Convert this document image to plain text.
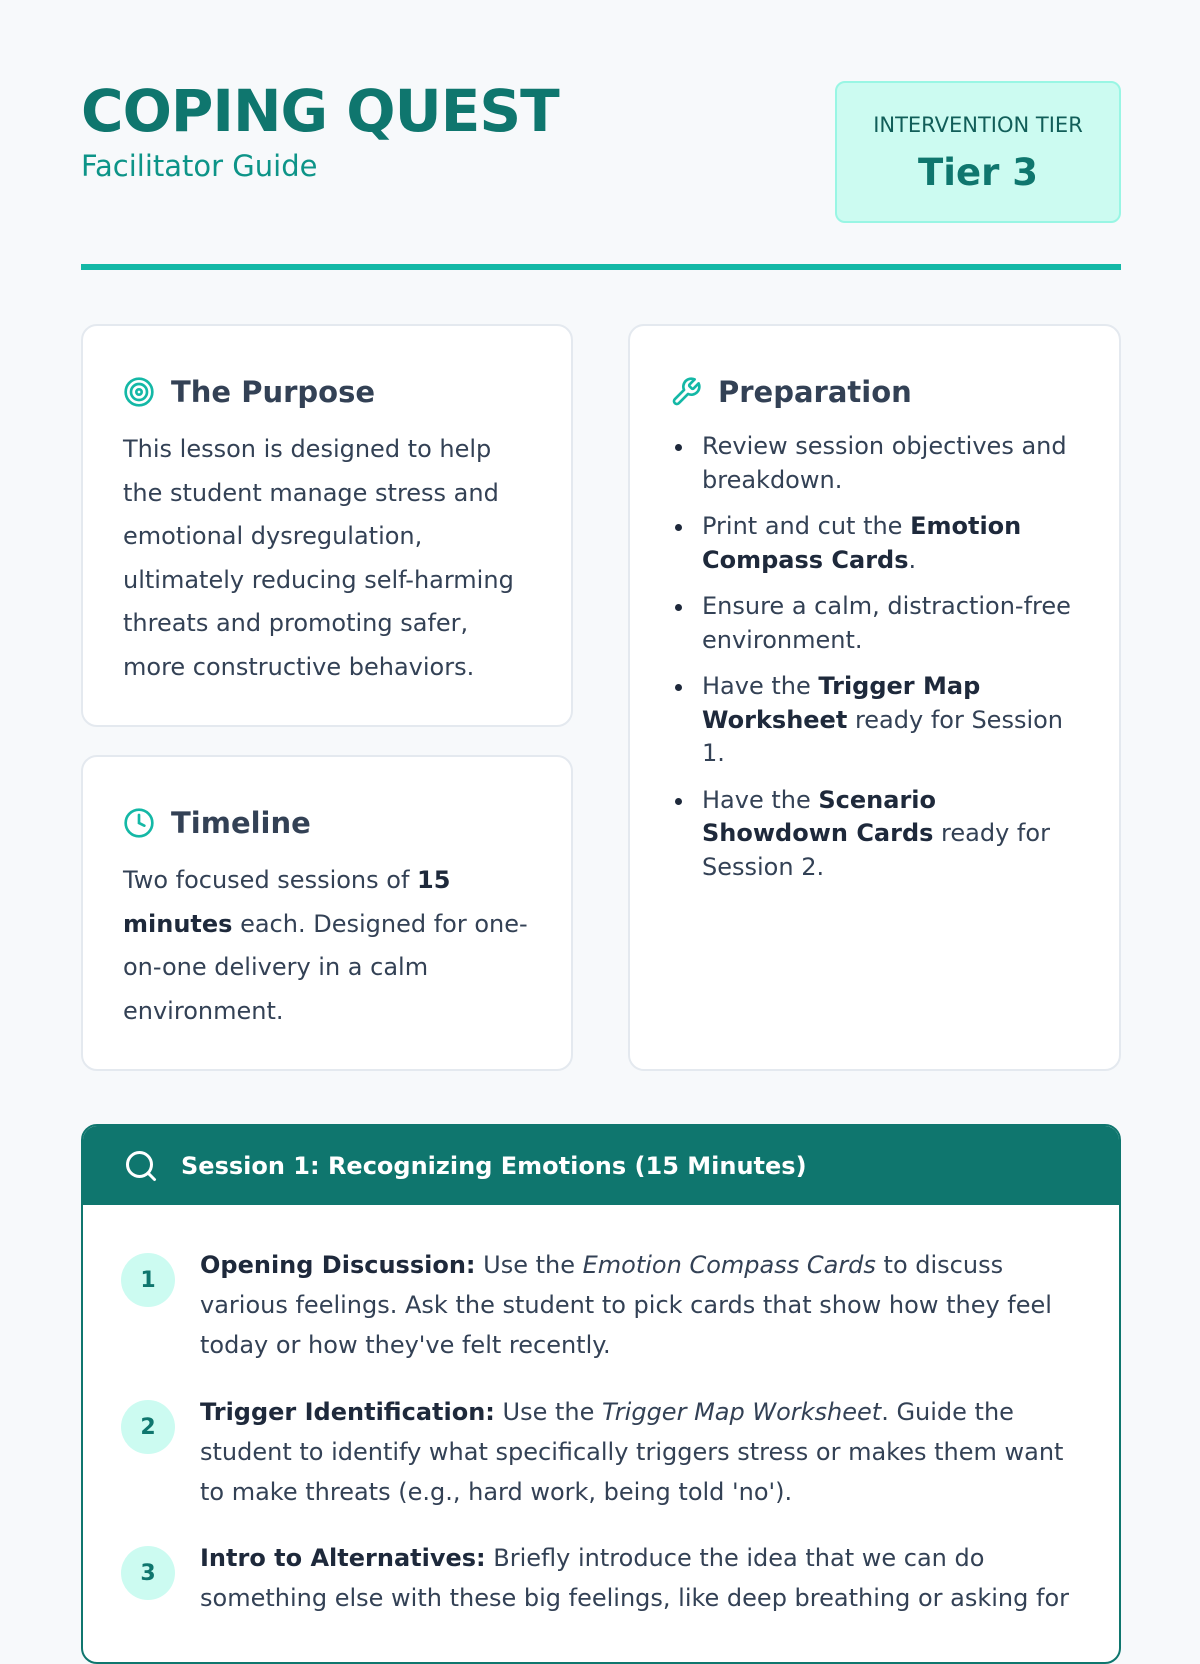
COPING QUEST

Facilitator Guide

INTERVENTION TIER
Tier 3
The Purpose

This lesson is designed to help the student manage stress and emotional dysregulation, ultimately reducing self-harming threats and promoting safer, more constructive behaviors.

Timeline

Two focused sessions of 15 minutes each. Designed for one-on-one delivery in a calm environment.

Preparation
Review session objectives and breakdown.
Print and cut the Emotion Compass Cards.
Ensure a calm, distraction-free environment.
Have the Trigger Map Worksheet ready for Session 1.
Have the Scenario Showdown Cards ready for Session 2.
Session 1: Recognizing Emotions (15 Minutes)
1

Opening Discussion: Use the Emotion Compass Cards to discuss various feelings. Ask the student to pick cards that show how they feel today or how they've felt recently.

2

Trigger Identification: Use the Trigger Map Worksheet. Guide the student to identify what specifically triggers stress or makes them want to make threats (e.g., hard work, being told 'no').

3

Intro to Alternatives: Briefly introduce the idea that we can do something else with these big feelings, like deep breathing or asking for
